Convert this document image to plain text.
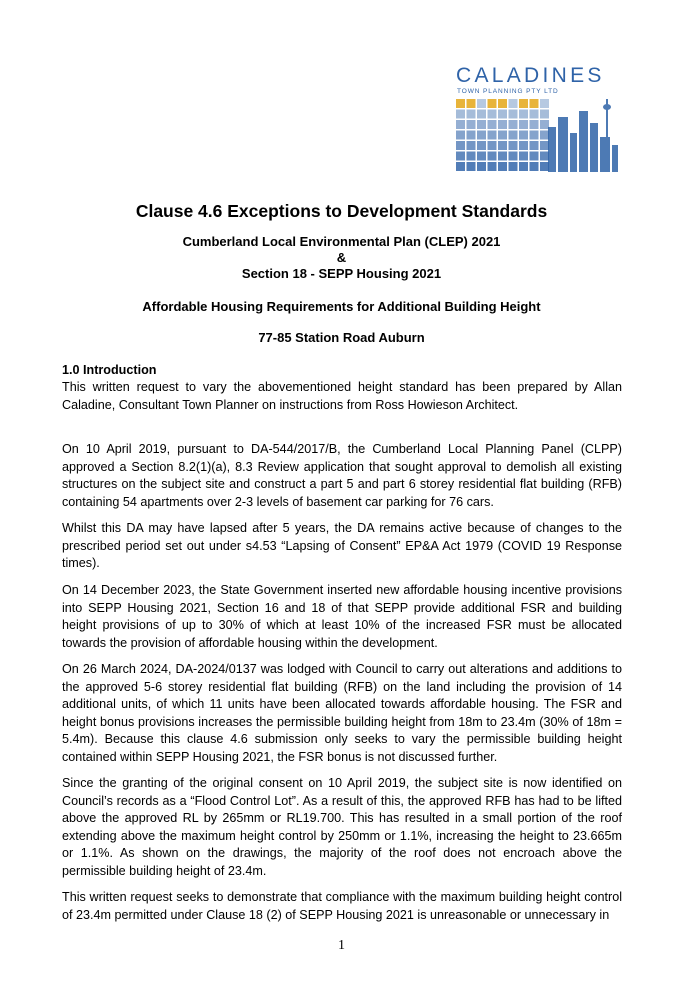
CALADINES
TOWN PLANNING PTY LTD
Clause 4.6 Exceptions to Development Standards
Cumberland Local Environmental Plan (CLEP) 2021
&
Section 18 - SEPP Housing 2021
Affordable Housing Requirements for Additional Building Height
77-85 Station Road Auburn
1.0 Introduction
This written request to vary the abovementioned height standard has been prepared by Allan Caladine, Consultant Town Planner on instructions from Ross Howieson Architect.
On 10 April 2019, pursuant to DA-544/2017/B, the Cumberland Local Planning Panel (CLPP) approved a Section 8.2(1)(a), 8.3 Review application that sought approval to demolish all existing structures on the subject site and construct a part 5 and part 6 storey residential flat building (RFB) containing 54 apartments over 2-3 levels of basement car parking for 76 cars.
Whilst this DA may have lapsed after 5 years, the DA remains active because of changes to the prescribed period set out under s4.53 “Lapsing of Consent” EP&A Act 1979 (COVID 19 Response times).
On 14 December 2023, the State Government inserted new affordable housing incentive provisions into SEPP Housing 2021, Section 16 and 18 of that SEPP provide additional FSR and building height provisions of up to 30% of which at least 10% of the increased FSR must be allocated towards the provision of affordable housing within the development.
On 26 March 2024, DA-2024/0137 was lodged with Council to carry out alterations and additions to the approved 5-6 storey residential flat building (RFB) on the land including the provision of 14 additional units, of which 11 units have been allocated towards affordable housing. The FSR and height bonus provisions increases the permissible building height from 18m to 23.4m (30% of 18m = 5.4m). Because this clause 4.6 submission only seeks to vary the permissible building height contained within SEPP Housing 2021, the FSR bonus is not discussed further.
Since the granting of the original consent on 10 April 2019, the subject site is now identified on Council’s records as a “Flood Control Lot”. As a result of this, the approved RFB has had to be lifted above the approved RL by 265mm or RL19.700. This has resulted in a small portion of the roof extending above the maximum height control by 250mm or 1.1%, increasing the height to 23.665m or 1.1%. As shown on the drawings, the majority of the roof does not encroach above the permissible building height of 23.4m.
This written request seeks to demonstrate that compliance with the maximum building height control of 23.4m permitted under Clause 18 (2) of SEPP Housing 2021 is unreasonable or unnecessary in
1
